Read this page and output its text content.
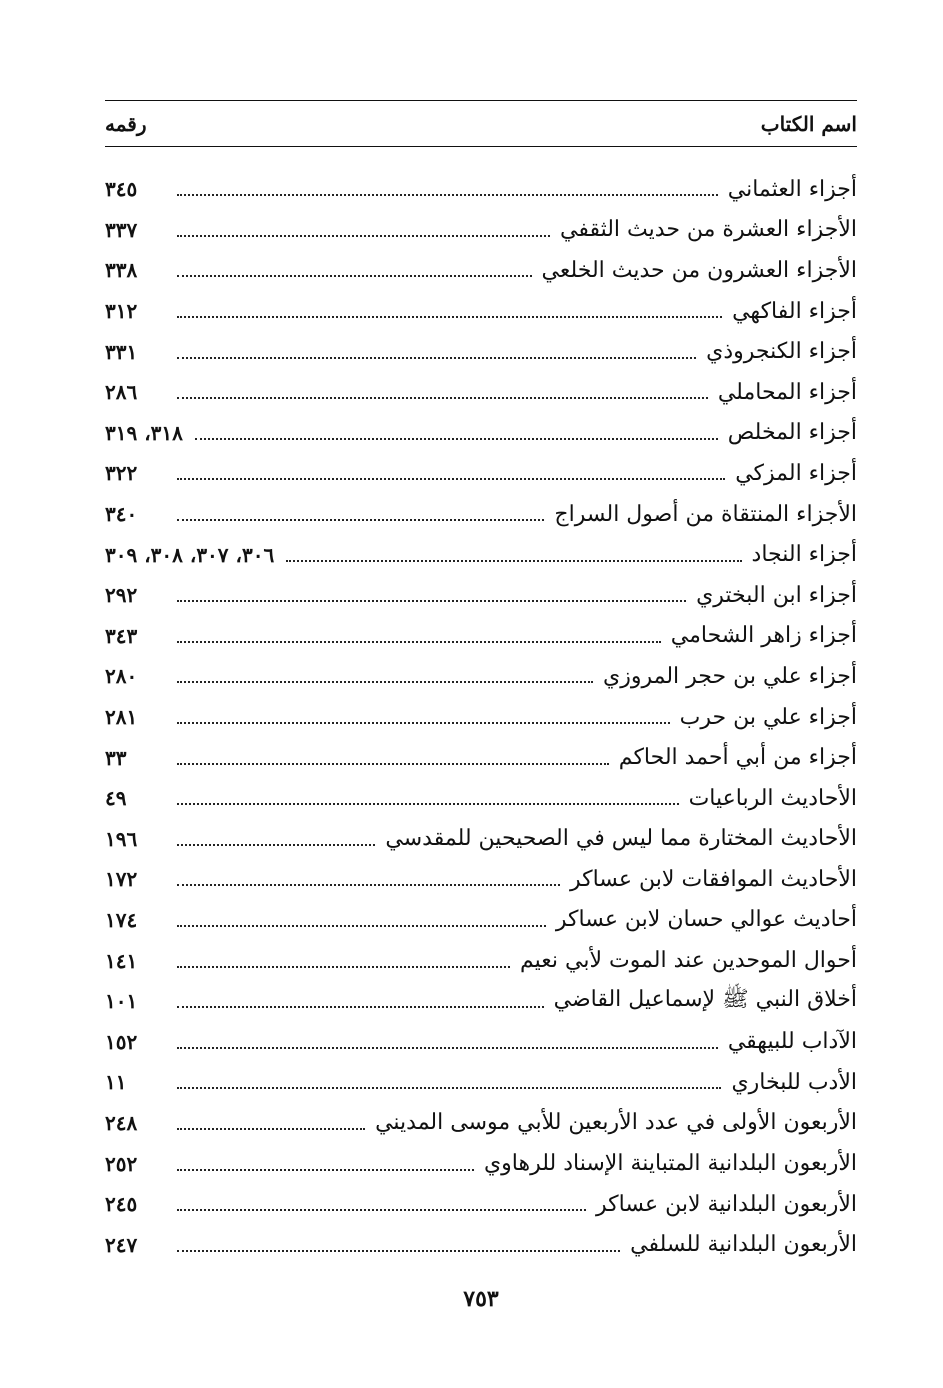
اسم الكتاب
رقمه
أجزاء العثماني
٣٤٥
الأجزاء العشرة من حديث الثقفي
٣٣٧
الأجزاء العشرون من حديث الخلعي
٣٣٨
أجزاء الفاكهي
٣١٢
أجزاء الكنجروذي
٣٣١
أجزاء المحاملي
٢٨٦
أجزاء المخلص
٣١٨، ٣١٩
أجزاء المزكي
٣٢٢
الأجزاء المنتقاة من أصول السراج
٣٤٠
أجزاء النجاد
٣٠٦، ٣٠٧، ٣٠٨، ٣٠٩
أجزاء ابن البختري
٢٩٢
أجزاء زاهر الشحامي
٣٤٣
أجزاء علي بن حجر المروزي
٢٨٠
أجزاء علي بن حرب
٢٨١
أجزاء من أبي أحمد الحاكم
٣٣
الأحاديث الرباعيات
٤٩
الأحاديث المختارة مما ليس في الصحيحين للمقدسي
١٩٦
الأحاديث الموافقات لابن عساكر
١٧٢
أحاديث عوالي حسان لابن عساكر
١٧٤
أحوال الموحدين عند الموت لأبي نعيم
١٤١
أخلاق النبي ﷺ لإسماعيل القاضي
١٠١
الآداب للبيهقي
١٥٢
الأدب للبخاري
١١
الأربعون الأولى في عدد الأربعين للأبي موسى المديني
٢٤٨
الأربعون البلدانية المتباينة الإسناد للرهاوي
٢٥٢
الأربعون البلدانية لابن عساكر
٢٤٥
الأربعون البلدانية للسلفي
٢٤٧
٧٥٣
